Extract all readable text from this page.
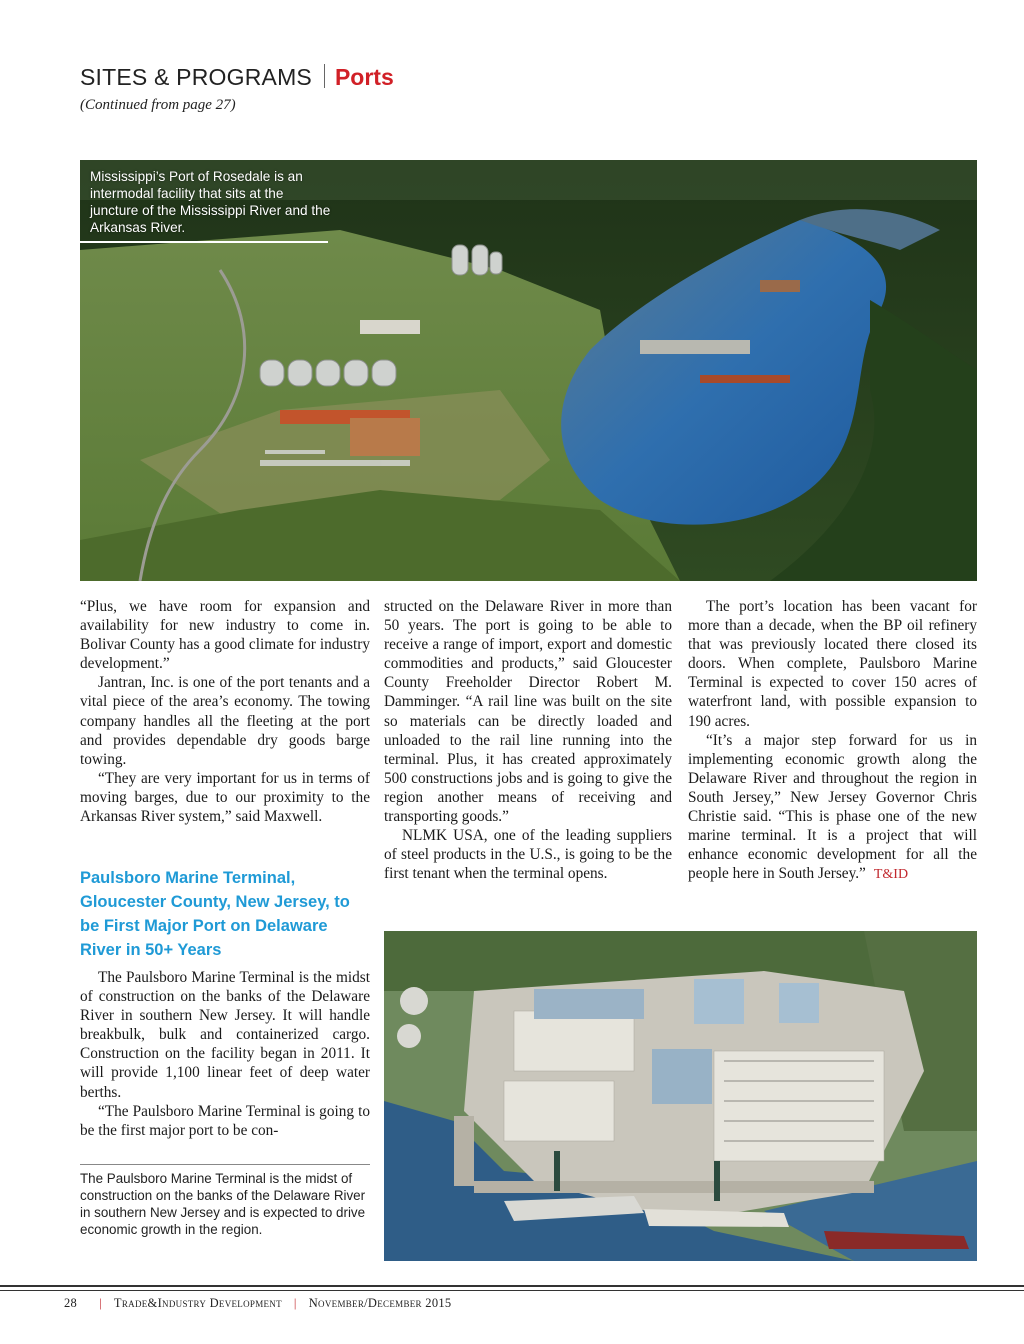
SITES & PROGRAMS Ports
(Continued from page 27)
Mississippi’s Port of Rosedale is an intermodal facility that sits at the juncture of the Mississippi River and the Arkansas River.

“Plus, we have room for expansion and availability for new industry to come in. Bolivar County has a good climate for industry development.”

Jantran, Inc. is one of the port tenants and a vital piece of the area’s economy. The towing company handles all the fleeting at the port and provides dependable dry goods barge towing.

“They are very important for us in terms of moving barges, due to our proximity to the Arkansas River system,” said Maxwell.

Paulsboro Marine Terminal, Gloucester County, New Jersey, to be First Major Port on Delaware River in 50+ Years

The Paulsboro Marine Terminal is the midst of construction on the banks of the Delaware River in southern New Jersey. It will handle breakbulk, bulk and containerized cargo. Construction on the facility began in 2011. It will provide 1,100 linear feet of deep water berths.

“The Paulsboro Marine Terminal is going to be the first major port to be con-

structed on the Delaware River in more than 50 years. The port is going to be able to receive a range of import, export and domestic commodities and products,” said Gloucester County Freeholder Director Robert M. Damminger. “A rail line was built on the site so materials can be directly loaded and unloaded to the rail line running into the terminal. Plus, it has created approximately 500 constructions jobs and is going to give the region another means of receiving and transporting goods.”

NLMK USA, one of the leading suppliers of steel products in the U.S., is going to be the first tenant when the terminal opens.

The port’s location has been vacant for more than a decade, when the BP oil refinery that was previously located there closed its doors. When complete, Paulsboro Marine Terminal is expected to cover 150 acres of waterfront land, with possible expansion to 190 acres.

“It’s a major step forward for us in implementing economic growth along the Delaware River and throughout the region in South Jersey,” New Jersey Governor Chris Christie said. “This is phase one of the new marine terminal. It is a project that will enhance economic development for all the people here in South Jersey.” T&ID

The Paulsboro Marine Terminal is the midst of construction on the banks of the Delaware River in southern New Jersey and is expected to drive economic growth in the region.
28 | Trade&Industry Development | November/December 2015
